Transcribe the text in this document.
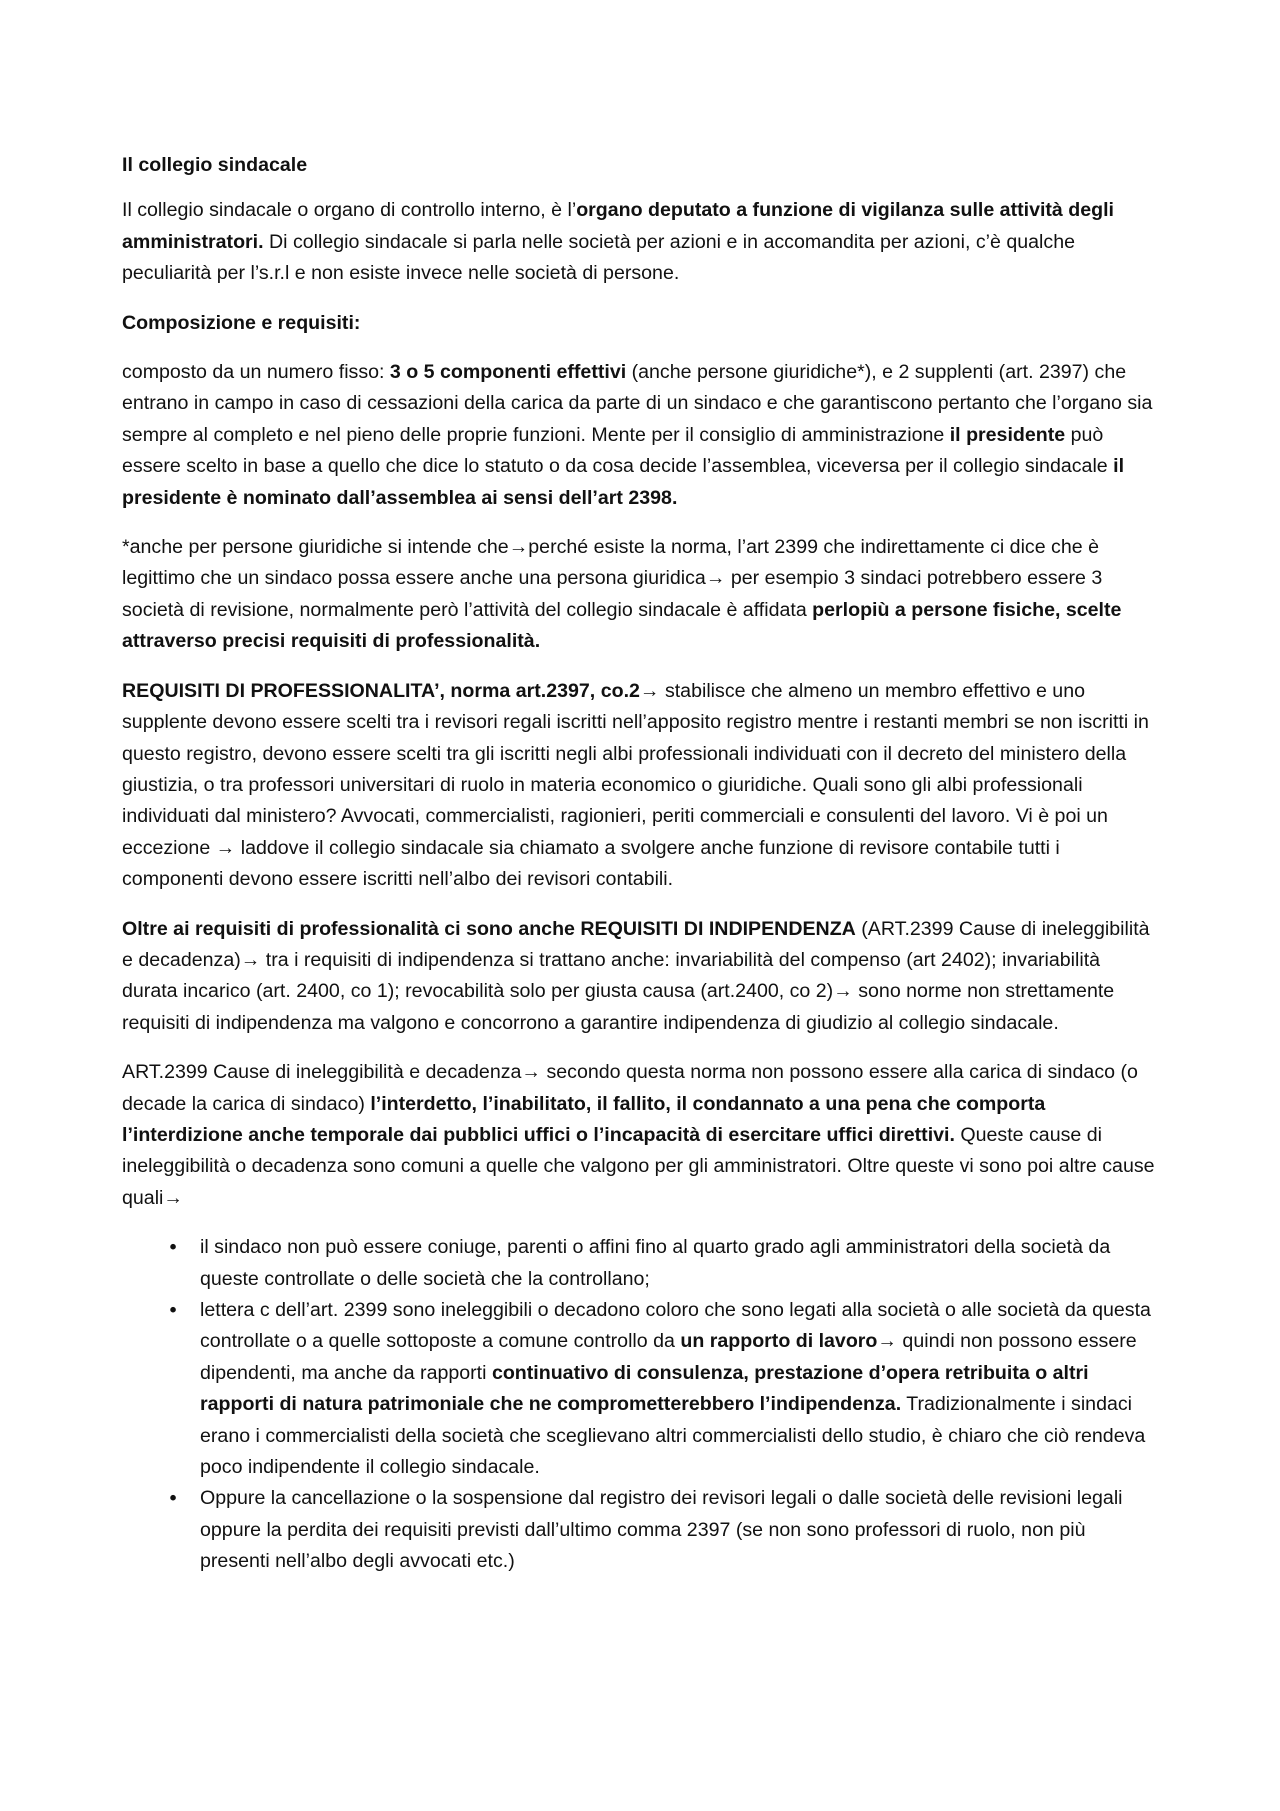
Il collegio sindacale

Il collegio sindacale o organo di controllo interno, è l’organo deputato a funzione di vigilanza sulle attività degli amministratori. Di collegio sindacale si parla nelle società per azioni e in accomandita per azioni, c’è qualche peculiarità per l’s.r.l e non esiste invece nelle società di persone.

Composizione e requisiti:

composto da un numero fisso: 3 o 5 componenti effettivi (anche persone giuridiche*), e 2 supplenti (art. 2397) che entrano in campo in caso di cessazioni della carica da parte di un sindaco e che garantiscono pertanto che l’organo sia sempre al completo e nel pieno delle proprie funzioni. Mente per il consiglio di amministrazione il presidente può essere scelto in base a quello che dice lo statuto o da cosa decide l’assemblea, viceversa per il collegio sindacale il presidente è nominato dall’assemblea ai sensi dell’art 2398.

*anche per persone giuridiche si intende che→perché esiste la norma, l’art 2399 che indirettamente ci dice che è legittimo che un sindaco possa essere anche una persona giuridica→ per esempio 3 sindaci potrebbero essere 3 società di revisione, normalmente però l’attività del collegio sindacale è affidata perlopiù a persone fisiche, scelte attraverso precisi requisiti di professionalità.

REQUISITI DI PROFESSIONALITA’, norma art.2397, co.2→ stabilisce che almeno un membro effettivo e uno supplente devono essere scelti tra i revisori regali iscritti nell’apposito registro mentre i restanti membri se non iscritti in questo registro, devono essere scelti tra gli iscritti negli albi professionali individuati con il decreto del ministero della giustizia, o tra professori universitari di ruolo in materia economico o giuridiche. Quali sono gli albi professionali individuati dal ministero? Avvocati, commercialisti, ragionieri, periti commerciali e consulenti del lavoro. Vi è poi un eccezione → laddove il collegio sindacale sia chiamato a svolgere anche funzione di revisore contabile tutti i componenti devono essere iscritti nell’albo dei revisori contabili.

Oltre ai requisiti di professionalità ci sono anche REQUISITI DI INDIPENDENZA (ART.2399 Cause di ineleggibilità e decadenza)→ tra i requisiti di indipendenza si trattano anche: invariabilità del compenso (art 2402); invariabilità durata incarico (art. 2400, co 1); revocabilità solo per giusta causa (art.2400, co 2)→ sono norme non strettamente requisiti di indipendenza ma valgono e concorrono a garantire indipendenza di giudizio al collegio sindacale.

ART.2399 Cause di ineleggibilità e decadenza→ secondo questa norma non possono essere alla carica di sindaco (o decade la carica di sindaco) l’interdetto, l’inabilitato, il fallito, il condannato a una pena che comporta l’interdizione anche temporale dai pubblici uffici o l’incapacità di esercitare uffici direttivi. Queste cause di ineleggibilità o decadenza sono comuni a quelle che valgono per gli amministratori. Oltre queste vi sono poi altre cause quali→

• il sindaco non può essere coniuge, parenti o affini fino al quarto grado agli amministratori della società da queste controllate o delle società che la controllano;
• lettera c dell’art. 2399 sono ineleggibili o decadono coloro che sono legati alla società o alle società da questa controllate o a quelle sottoposte a comune controllo da un rapporto di lavoro→ quindi non possono essere dipendenti, ma anche da rapporti continuativo di consulenza, prestazione d’opera retribuita o altri rapporti di natura patrimoniale che ne comprometterebbero l’indipendenza. Tradizionalmente i sindaci erano i commercialisti della società che sceglievano altri commercialisti dello studio, è chiaro che ciò rendeva poco indipendente il collegio sindacale.
• Oppure la cancellazione o la sospensione dal registro dei revisori legali o dalle società delle revisioni legali oppure la perdita dei requisiti previsti dall’ultimo comma 2397 (se non sono professori di ruolo, non più presenti nell’albo degli avvocati etc.)
